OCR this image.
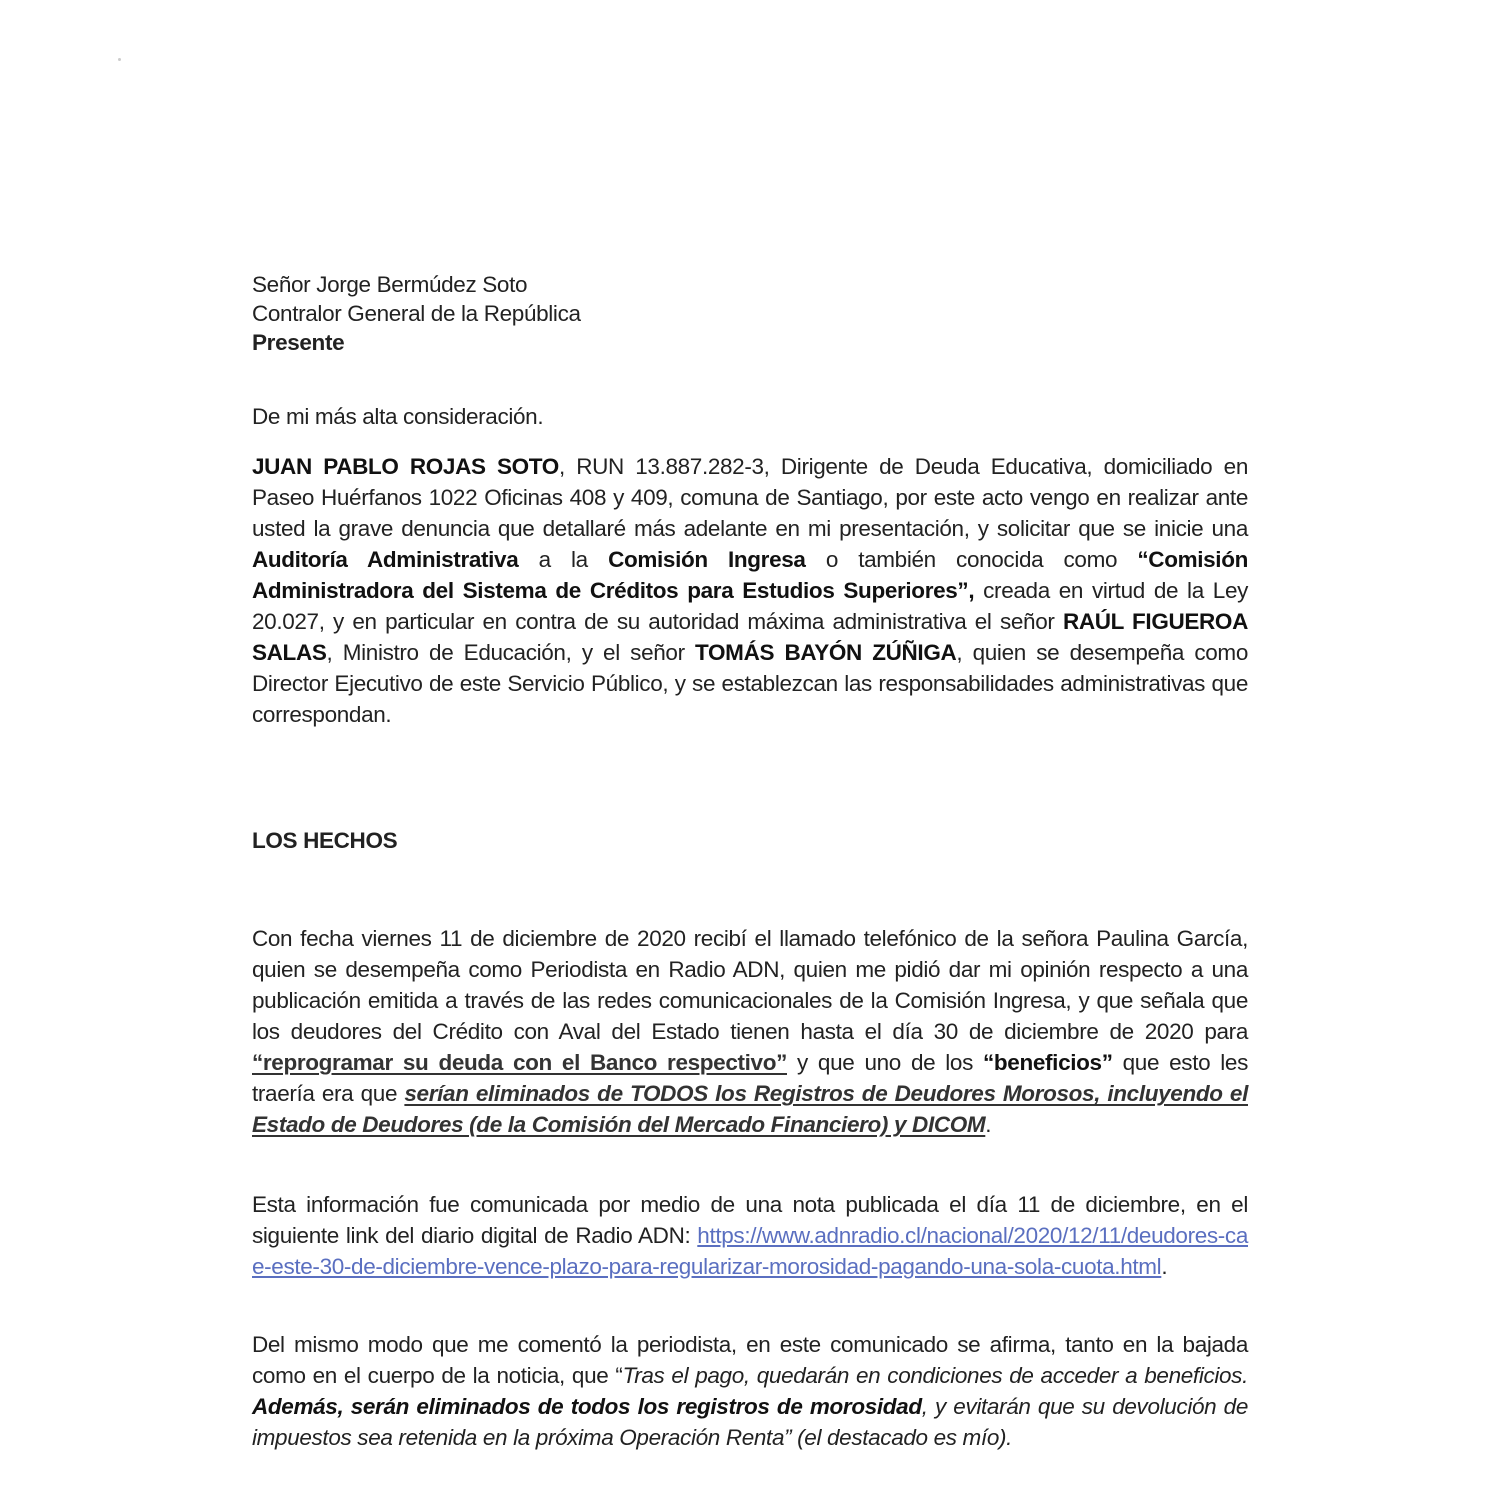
Señor Jorge Bermúdez Soto
Contralor General de la República
Presente
De mi más alta consideración.
JUAN PABLO ROJAS SOTO, RUN 13.887.282-3, Dirigente de Deuda Educativa, domiciliado en Paseo Huérfanos 1022 Oficinas 408 y 409, comuna de Santiago, por este acto vengo en realizar ante usted la grave denuncia que detallaré más adelante en mi presentación, y solicitar que se inicie una Auditoría Administrativa a la Comisión Ingresa o también conocida como “Comisión Administradora del Sistema de Créditos para Estudios Superiores”, creada en virtud de la Ley 20.027, y en particular en contra de su autoridad máxima administrativa el señor RAÚL FIGUEROA SALAS, Ministro de Educación, y el señor TOMÁS BAYÓN ZÚÑIGA, quien se desempeña como Director Ejecutivo de este Servicio Público, y se establezcan las responsabilidades administrativas que correspondan.
LOS HECHOS
Con fecha viernes 11 de diciembre de 2020 recibí el llamado telefónico de la señora Paulina García, quien se desempeña como Periodista en Radio ADN, quien me pidió dar mi opinión respecto a una publicación emitida a través de las redes comunicacionales de la Comisión Ingresa, y que señala que los deudores del Crédito con Aval del Estado tienen hasta el día 30 de diciembre de 2020 para “reprogramar su deuda con el Banco respectivo” y que uno de los “beneficios” que esto les traería era que serían eliminados de TODOS los Registros de Deudores Morosos, incluyendo el Estado de Deudores (de la Comisión del Mercado Financiero) y DICOM.
Esta información fue comunicada por medio de una nota publicada el día 11 de diciembre, en el siguiente link del diario digital de Radio ADN: https://www.adnradio.cl/nacional/2020/12/11/deudores-cae-este-30-de-diciembre-vence-plazo-para-regularizar-morosidad-pagando-una-sola-cuota.html.
Del mismo modo que me comentó la periodista, en este comunicado se afirma, tanto en la bajada como en el cuerpo de la noticia, que “Tras el pago, quedarán en condiciones de acceder a beneficios. Además, serán eliminados de todos los registros de morosidad, y evitarán que su devolución de impuestos sea retenida en la próxima Operación Renta” (el destacado es mío).
